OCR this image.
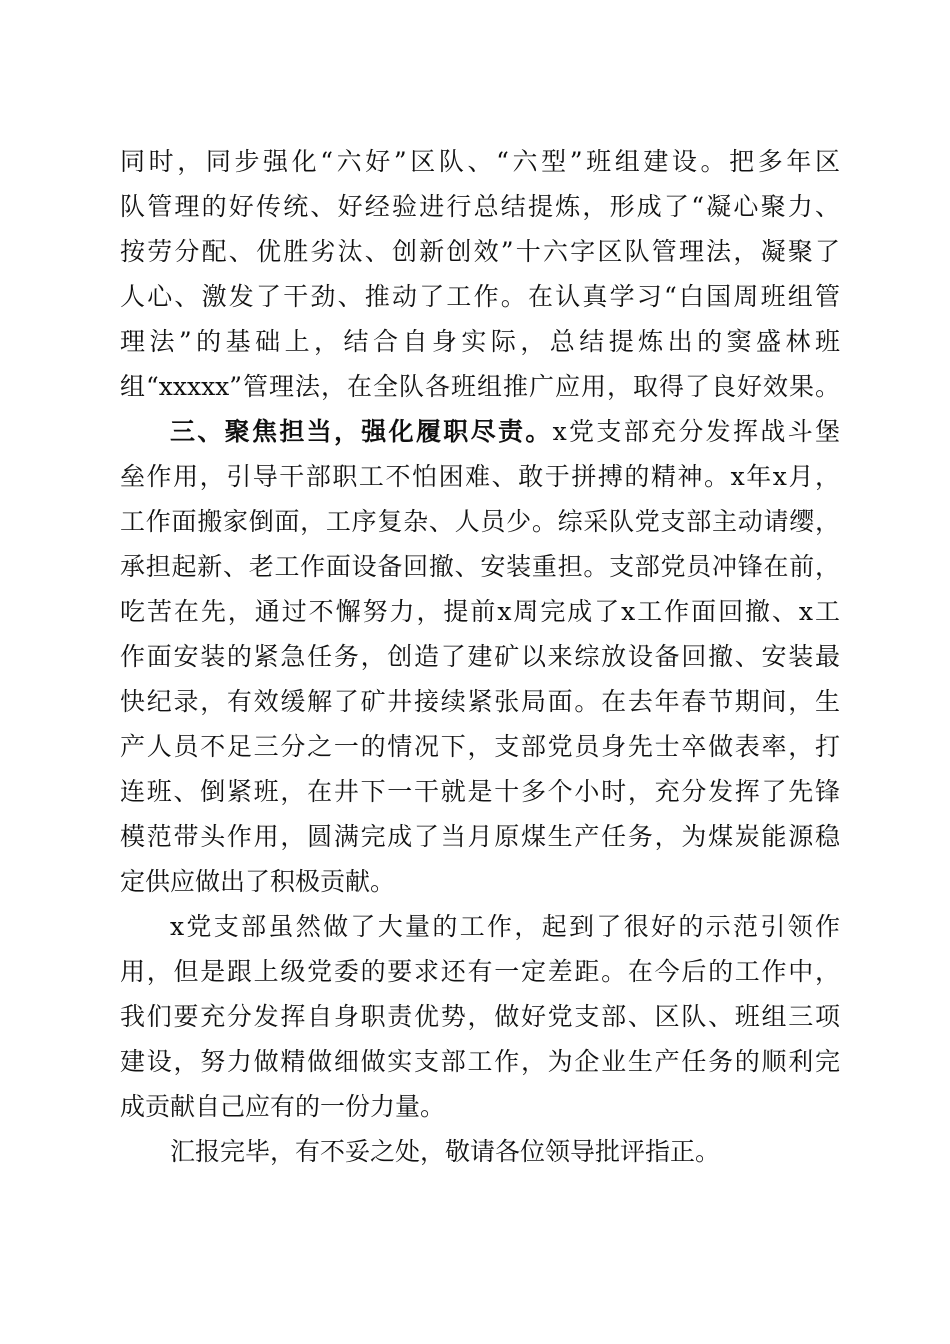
同时，同步强化“六好”区队、“六型”班组建设。把多年区
队管理的好传统、好经验进行总结提炼，形成了“凝心聚力、
按劳分配、优胜劣汰、创新创效”十六字区队管理法，凝聚了
人心、激发了干劲、推动了工作。在认真学习“白国周班组管
理法”的基础上，结合自身实际，总结提炼出的窦盛林班
组“xxxxx”管理法，在全队各班组推广应用，取得了良好效果。
三、聚焦担当，强化履职尽责。x党支部充分发挥战斗堡
垒作用，引导干部职工不怕困难、敢于拼搏的精神。x年x月，
工作面搬家倒面，工序复杂、人员少。综采队党支部主动请缨，
承担起新、老工作面设备回撤、安装重担。支部党员冲锋在前，
吃苦在先，通过不懈努力，提前x周完成了x工作面回撤、x工
作面安装的紧急任务，创造了建矿以来综放设备回撤、安装最
快纪录，有效缓解了矿井接续紧张局面。在去年春节期间，生
产人员不足三分之一的情况下，支部党员身先士卒做表率，打
连班、倒紧班，在井下一干就是十多个小时，充分发挥了先锋
模范带头作用，圆满完成了当月原煤生产任务，为煤炭能源稳
定供应做出了积极贡献。
x党支部虽然做了大量的工作，起到了很好的示范引领作
用，但是跟上级党委的要求还有一定差距。在今后的工作中，
我们要充分发挥自身职责优势，做好党支部、区队、班组三项
建设，努力做精做细做实支部工作，为企业生产任务的顺利完
成贡献自己应有的一份力量。
汇报完毕，有不妥之处，敬请各位领导批评指正。
